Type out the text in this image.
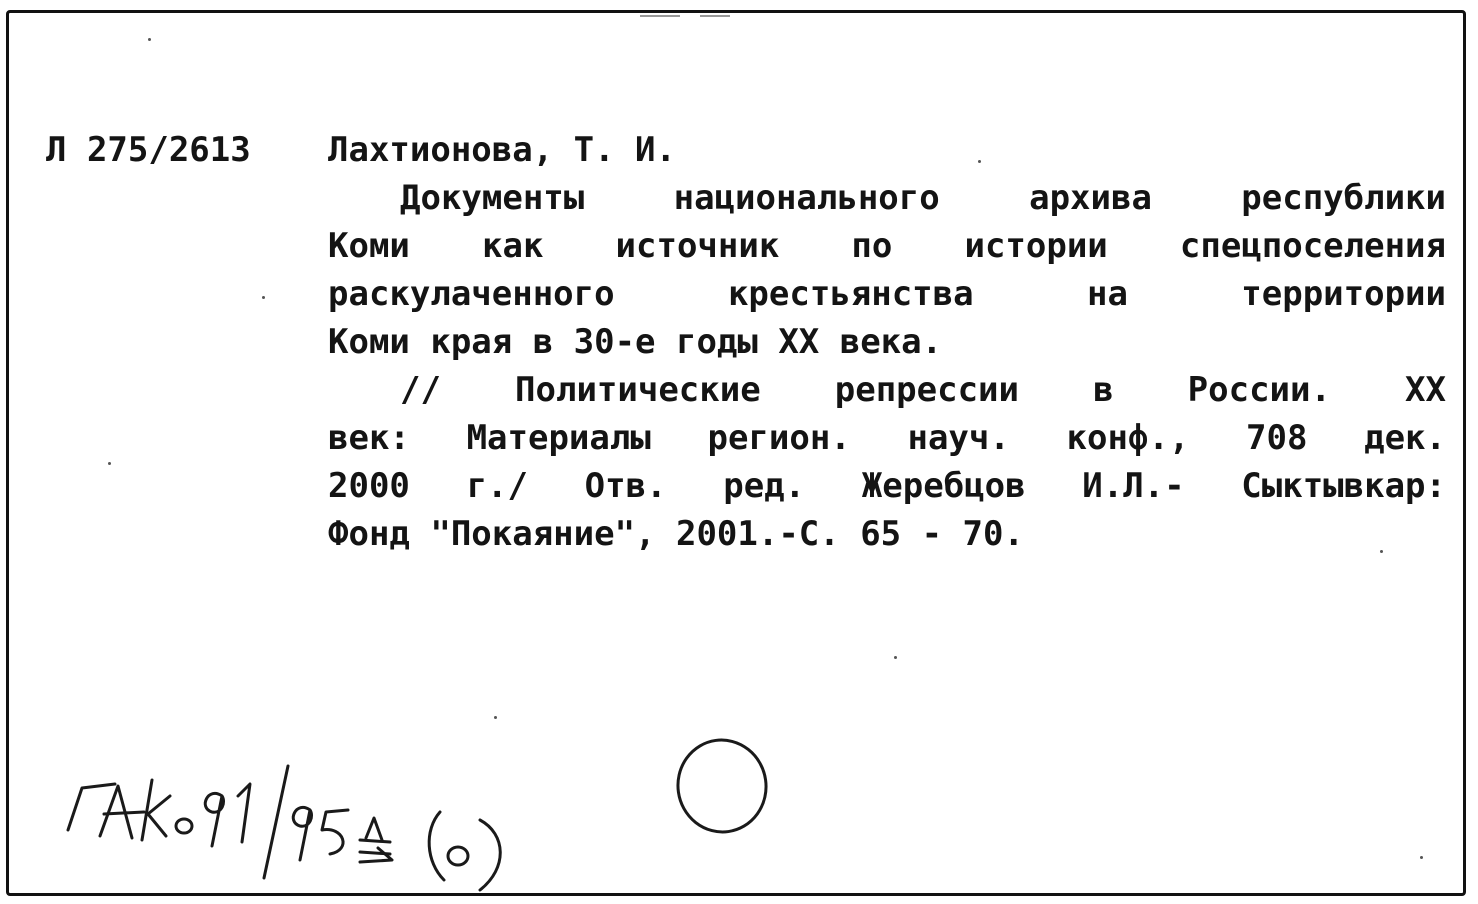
Л 275/2613 Лахтионова, Т. И.
Документы национального архива республики
Коми как источник по истории спецпоселения
раскулаченного крестьянства на территории
Коми края в 30-е годы XX века.
// Политические репрессии в России. XX
век: Материалы регион. науч. конф., 708 дек.
2000 г./ Отв. ред. Жеребцов И.Л.- Сыктывкар:
Фонд "Покаяние", 2001.-С. 65 - 70.
